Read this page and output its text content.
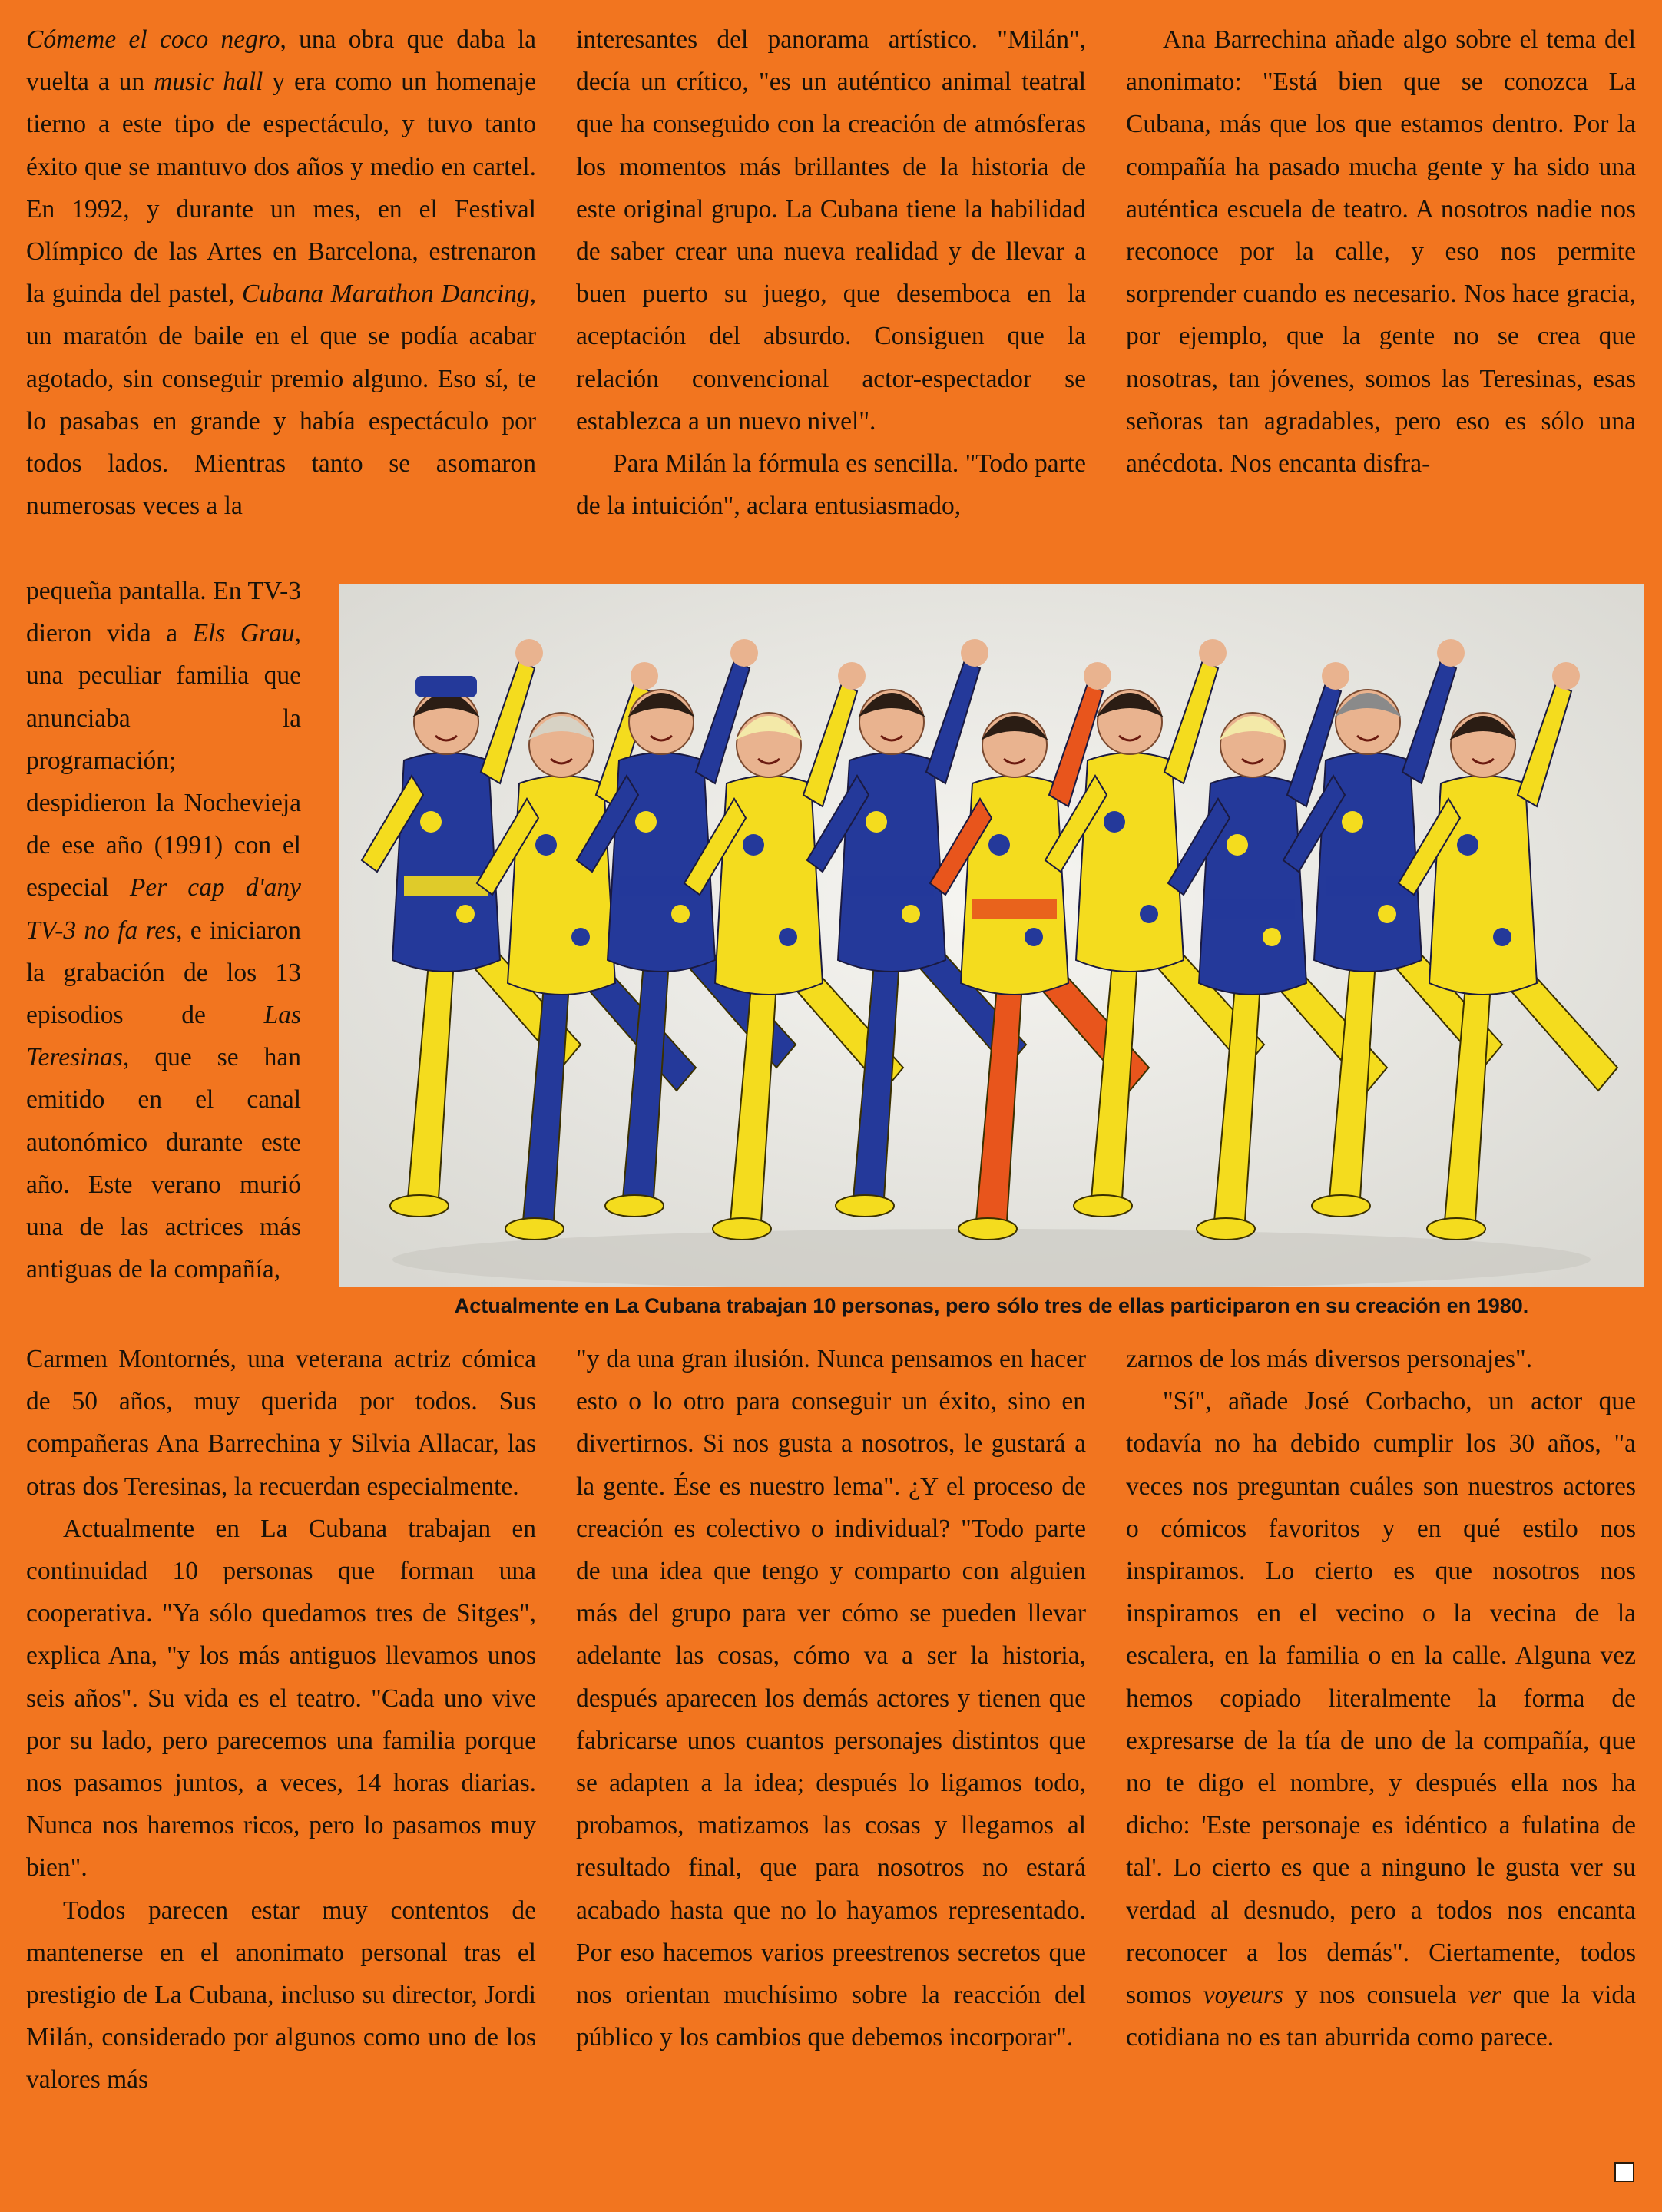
Cómeme el coco negro, una obra que daba la vuelta a un music hall y era como un homenaje tierno a este tipo de espectáculo, y tuvo tanto éxito que se mantuvo dos años y medio en cartel. En 1992, y durante un mes, en el Festival Olímpico de las Artes en Barcelona, estrenaron la guinda del pastel, Cubana Marathon Dancing, un maratón de baile en el que se podía acabar agotado, sin conseguir premio alguno. Eso sí, te lo pasabas en grande y había espectáculo por todos lados. Mientras tanto se asomaron numerosas veces a la

pequeña pantalla. En TV-3 dieron vida a Els Grau, una peculiar familia que anunciaba la programación; despidieron la Nochevieja de ese año (1991) con el especial Per cap d'any TV-3 no fa res, e iniciaron la grabación de los 13 episodios de Las Teresinas, que se han emitido en el canal autonómico durante este año. Este verano murió una de las actrices más antiguas de la compañía,

Carmen Montornés, una veterana actriz cómica de 50 años, muy querida por todos. Sus compañeras Ana Barrechina y Silvia Allacar, las otras dos Teresinas, la recuerdan especialmente.

Actualmente en La Cubana trabajan en continuidad 10 personas que forman una cooperativa. "Ya sólo quedamos tres de Sitges", explica Ana, "y los más antiguos llevamos unos seis años". Su vida es el teatro. "Cada uno vive por su lado, pero parecemos una familia porque nos pasamos juntos, a veces, 14 horas diarias. Nunca nos haremos ricos, pero lo pasamos muy bien".

Todos parecen estar muy contentos de mantenerse en el anonimato personal tras el prestigio de La Cubana, incluso su director, Jordi Milán, considerado por algunos como uno de los valores más

interesantes del panorama artístico. "Milán", decía un crítico, "es un auténtico animal teatral que ha conseguido con la creación de atmósferas los momentos más brillantes de la historia de este original grupo. La Cubana tiene la habilidad de saber crear una nueva realidad y de llevar a buen puerto su juego, que desemboca en la aceptación del absurdo. Consiguen que la relación convencional actor-espectador se establezca a un nuevo nivel".

Para Milán la fórmula es sencilla. "Todo parte de la intuición", aclara entusiasmado,

"y da una gran ilusión. Nunca pensamos en hacer esto o lo otro para conseguir un éxito, sino en divertirnos. Si nos gusta a nosotros, le gustará a la gente. Ése es nuestro lema". ¿Y el proceso de creación es colectivo o individual? "Todo parte de una idea que tengo y comparto con alguien más del grupo para ver cómo se pueden llevar adelante las cosas, cómo va a ser la historia, después aparecen los demás actores y tienen que fabricarse unos cuantos personajes distintos que se adapten a la idea; después lo ligamos todo, probamos, matizamos las cosas y llegamos al resultado final, que para nosotros no estará acabado hasta que no lo hayamos representado. Por eso hacemos varios preestrenos secretos que nos orientan muchísimo sobre la reacción del público y los cambios que debemos incorporar".

Ana Barrechina añade algo sobre el tema del anonimato: "Está bien que se conozca La Cubana, más que los que estamos dentro. Por la compañía ha pasado mucha gente y ha sido una auténtica escuela de teatro. A nosotros nadie nos reconoce por la calle, y eso nos permite sorprender cuando es necesario. Nos hace gracia, por ejemplo, que la gente no se crea que nosotras, tan jóvenes, somos las Teresinas, esas señoras tan agradables, pero eso es sólo una anécdota. Nos encanta disfra-

zarnos de los más diversos personajes".

"Sí", añade José Corbacho, un actor que todavía no ha debido cumplir los 30 años, "a veces nos preguntan cuáles son nuestros actores o cómicos favoritos y en qué estilo nos inspiramos. Lo cierto es que nosotros nos inspiramos en el vecino o la vecina de la escalera, en la familia o en la calle. Alguna vez hemos copiado literalmente la forma de expresarse de la tía de uno de la compañía, que no te digo el nombre, y después ella nos ha dicho: 'Este personaje es idéntico a fulatina de tal'. Lo cierto es que a ninguno le gusta ver su verdad al desnudo, pero a todos nos encanta reconocer a los demás". Ciertamente, todos somos voyeurs y nos consuela ver que la vida cotidiana no es tan aburrida como parece.

Actualmente en La Cubana trabajan 10 personas, pero sólo tres de ellas participaron en su creación en 1980.
